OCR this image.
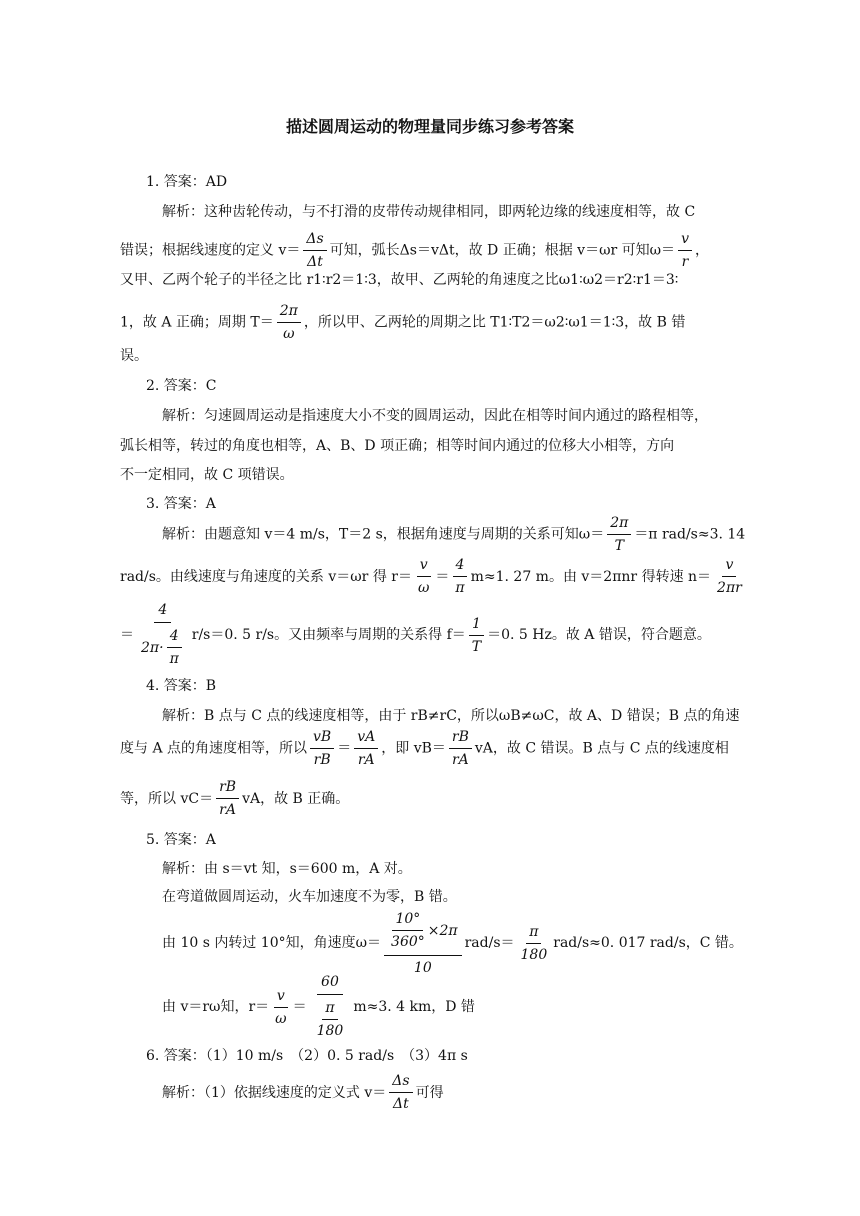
描述圆周运动的物理量同步练习参考答案
1. 答案：AD
解析：这种齿轮传动，与不打滑的皮带传动规律相同，即两轮边缘的线速度相等，故 C
错误；根据线速度的定义 $v= \frac{\Delta s}{\Delta t}$ 可知，弧长Δs＝vΔt，故 D 正确；根据 v＝ωr 可知$\omega= \frac{v}{r}$ ，
又甲、乙两个轮子的半径之比 r1∶r2＝1∶3，故甲、乙两轮的角速度之比ω1∶ω2＝r2∶r1＝3∶
1，故 A 正确；周期 $T= \frac{2\pi}{\omega}$ ，所以甲、乙两轮的周期之比 T1∶T2＝ω2∶ω1＝1∶3，故 B 错
误。
2. 答案：C
解析：匀速圆周运动是指速度大小不变的圆周运动，因此在相等时间内通过的路程相等，
弧长相等，转过的角度也相等，A、B、D 项正确；相等时间内通过的位移大小相等，方向
不一定相同，故 C 项错误。
3. 答案：A
解析：由题意知 v＝4 m/s，T＝2 s，根据角速度与周期的关系可知$\omega= \frac{2\pi}{T} =\pi$ rad/s≈3. 14
rad/s。由线速度与角速度的关系 v＝ωr 得 $r= \frac{v}{\omega} = \frac{4}{\pi} m\approx 1$. 27 m。由 v＝2πnr 得转速 $n= \frac{v}{2\pi r}$
＝
4
$2\pi\cdot \frac{4}{\pi} r/s=0$. 5 r/s。又由频率与周期的关系得 $f= \frac{1}{T} =0$. 5 Hz。故 A 错误，符合题意。
4. 答案：B
解析：B 点与 C 点的线速度相等，由于 rB≠rC，所以ωB≠ωC，故 A、D 错误；B 点的角速
度与 A 点的角速度相等，所以 $\frac{vB}{rB} = \frac{vA}{rA}$ ，即 $vB= \frac{rB}{rA}$ vA，故 C 错误。B 点与 C 点的线速度相
等，所以 $vC= \frac{rB}{rA}$ vA，故 B 正确。
5. 答案：A
解析：由 s＝vt 知，s＝600 m，A 对。
在弯道做圆周运动，火车加速度不为零，B 错。
由 10 s 内转过 10°知，角速度$\omega= \frac{10^\circ}{360^\circ} \times 2\pi$
10
$rad/s= \frac{\pi}{180} rad/s\approx 0$. 017 rad/s，C 错。
由 v＝rω知，$r= \frac{v}{\omega}$ ＝
60
$\frac{\pi}{180} m\approx 3$. 4 km，D 错
6. 答案：（1）10 m/s　（2）0. 5 rad/s　（3）4π s
解析：（1）依据线速度的定义式 $v= \frac{\Delta s}{\Delta t}$ 可得
